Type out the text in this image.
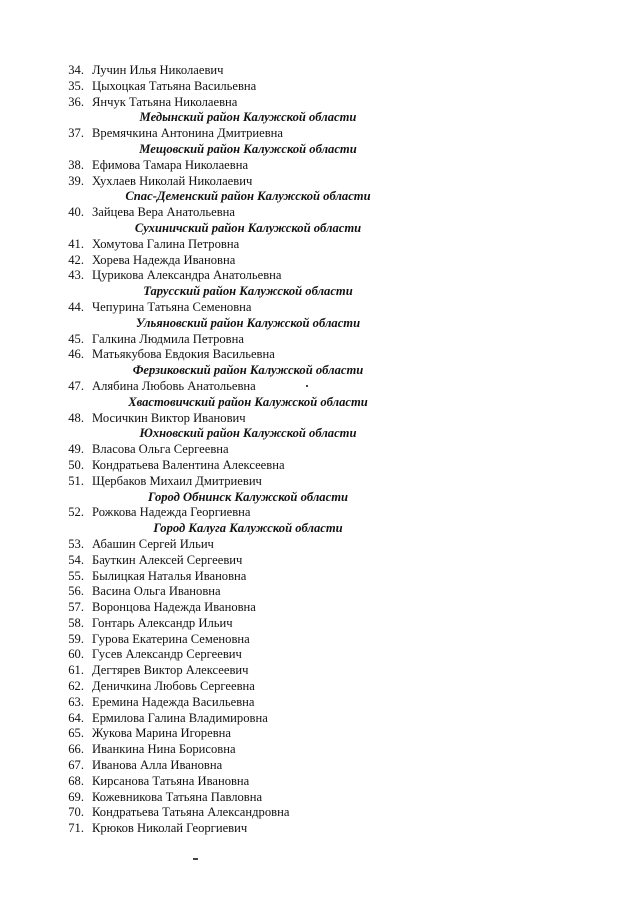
34. Лучин Илья Николаевич
35. Цыхоцкая Татьяна Васильевна
36. Янчук Татьяна Николаевна
Медынский район Калужской области
37. Времячкина Антонина Дмитриевна
Мещовский район Калужской области
38. Ефимова Тамара Николаевна
39. Хухлаев Николай Николаевич
Спас-Деменский район Калужской области
40. Зайцева Вера Анатольевна
Сухиничский район Калужской области
41. Хомутова Галина Петровна
42. Хорева Надежда Ивановна
43. Цурикова Александра Анатольевна
Тарусский район Калужской области
44. Чепурина Татьяна Семеновна
Ульяновский район Калужской области
45. Галкина Людмила Петровна
46. Матьякубова Евдокия Васильевна
Ферзиковский район Калужской области
47. Алябина Любовь Анатольевна
Хвастовичский район Калужской области
48. Мосичкин Виктор Иванович
Юхновский район Калужской области
49. Власова Ольга Сергеевна
50. Кондратьева Валентина Алексеевна
51. Щербаков Михаил Дмитриевич
Город Обнинск Калужской области
52. Рожкова Надежда Георгиевна
Город Калуга Калужской области
53. Абашин Сергей Ильич
54. Бауткин Алексей Сергеевич
55. Былицкая Наталья Ивановна
56. Васина Ольга Ивановна
57. Воронцова Надежда Ивановна
58. Гонтарь Александр Ильич
59. Гурова Екатерина Семеновна
60. Гусев Александр Сергеевич
61. Дегтярев Виктор Алексеевич
62. Деничкина Любовь Сергеевна
63. Еремина Надежда Васильевна
64. Ермилова Галина Владимировна
65. Жукова Марина Игоревна
66. Иванкина Нина Борисовна
67. Иванова Алла Ивановна
68. Кирсанова Татьяна Ивановна
69. Кожевникова Татьяна Павловна
70. Кондратьева Татьяна Александровна
71. Крюков Николай Георгиевич
